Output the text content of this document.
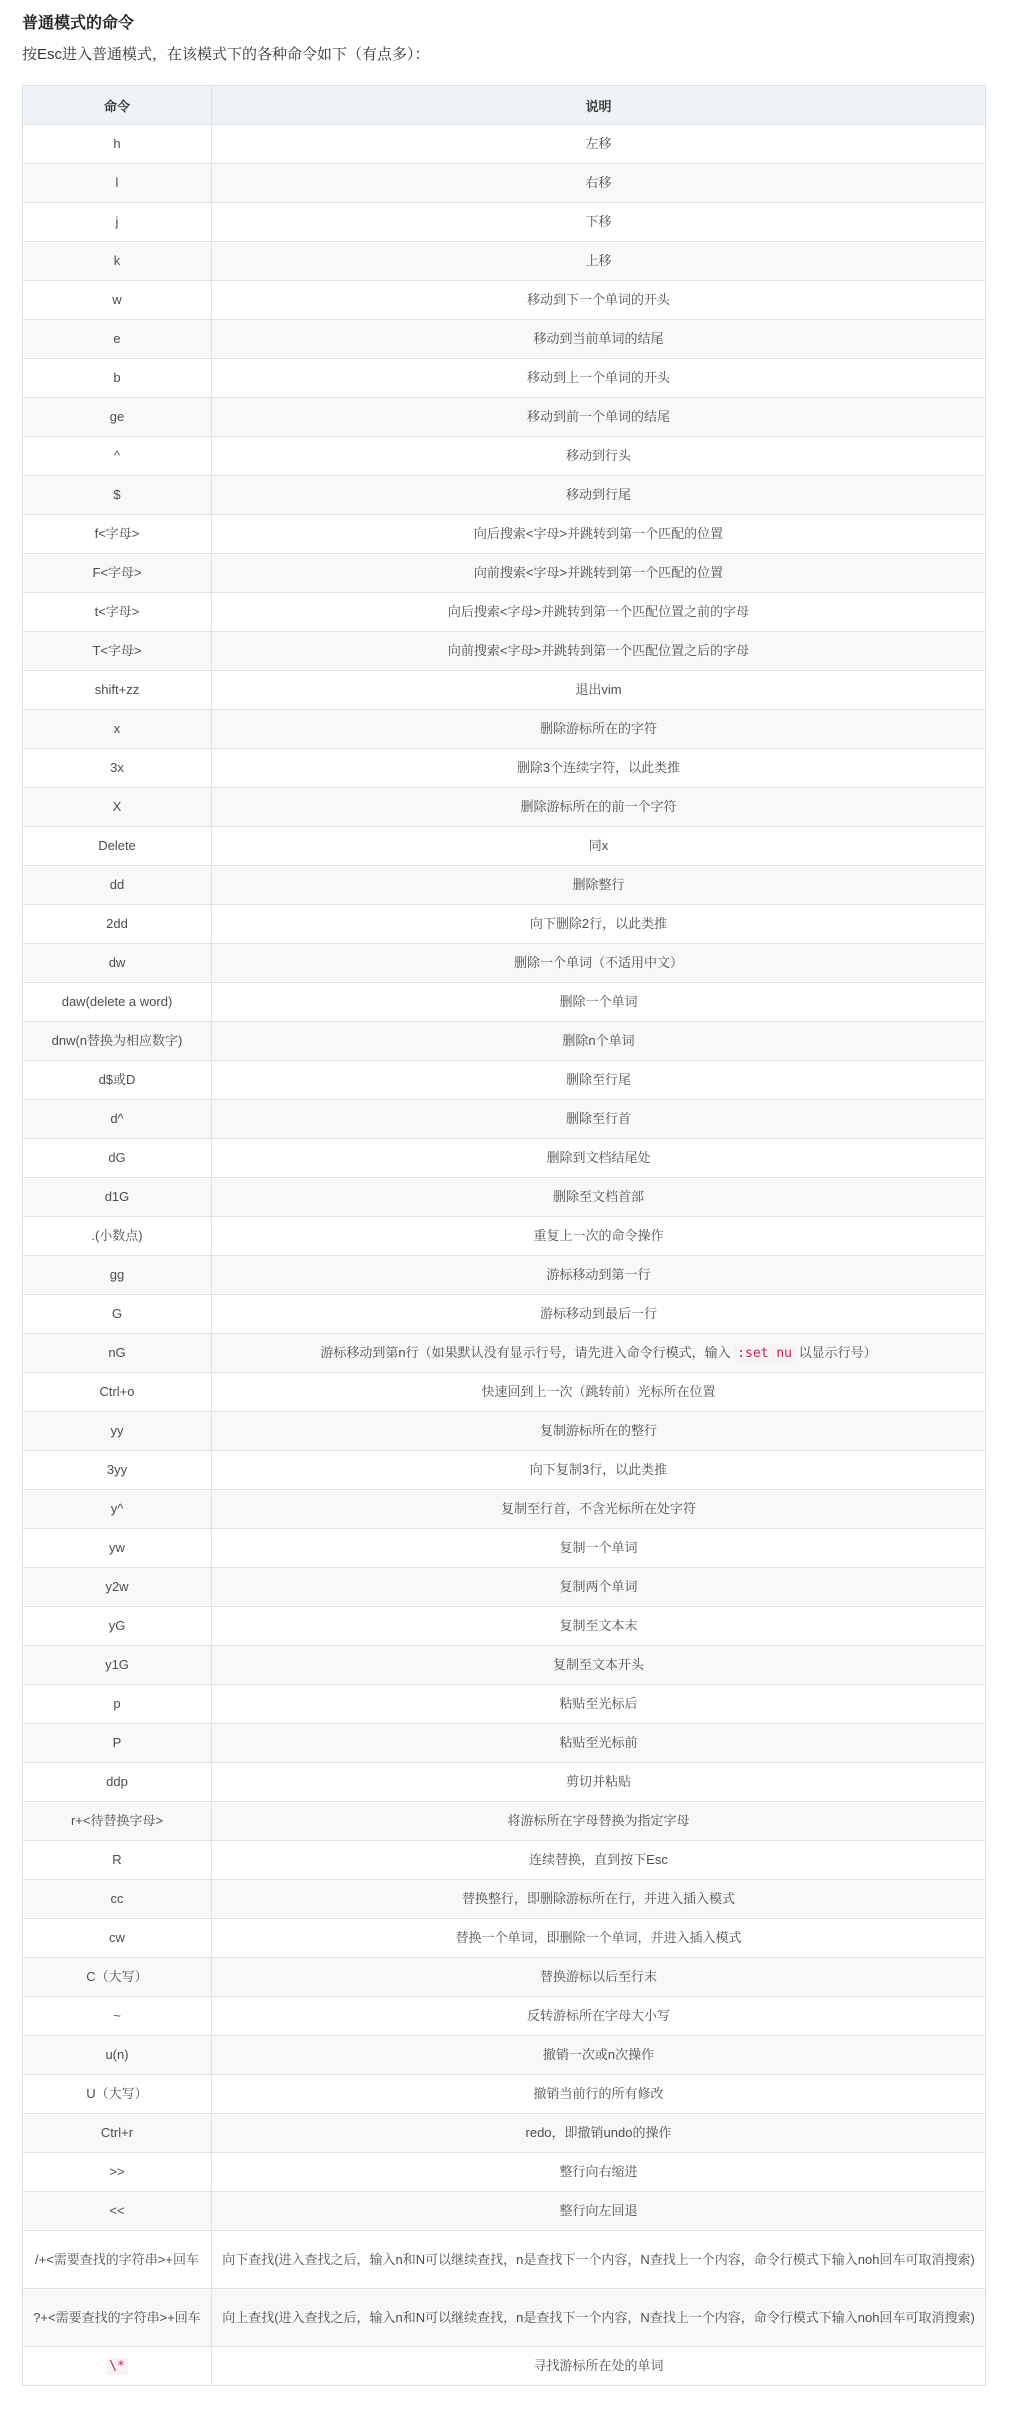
普通模式的命令

按Esc进入普通模式，在该模式下的各种命令如下（有点多）：

命令	说明
h	左移
l	右移
j	下移
k	上移
w	移动到下一个单词的开头
e	移动到当前单词的结尾
b	移动到上一个单词的开头
ge	移动到前一个单词的结尾
^	移动到行头
$	移动到行尾
f<字母>	向后搜索<字母>并跳转到第一个匹配的位置
F<字母>	向前搜索<字母>并跳转到第一个匹配的位置
t<字母>	向后搜索<字母>并跳转到第一个匹配位置之前的字母
T<字母>	向前搜索<字母>并跳转到第一个匹配位置之后的字母
shift+zz	退出vim
x	删除游标所在的字符
3x	删除3个连续字符，以此类推
X	删除游标所在的前一个字符
Delete	同x
dd	删除整行
2dd	向下删除2行，以此类推
dw	删除一个单词（不适用中文）
daw(delete a word)	删除一个单词
dnw(n替换为相应数字)	删除n个单词
d$或D	删除至行尾
d^	删除至行首
dG	删除到文档结尾处
d1G	删除至文档首部
.(小数点)	重复上一次的命令操作
gg	游标移动到第一行
G	游标移动到最后一行
nG	游标移动到第n行（如果默认没有显示行号，请先进入命令行模式，输入 :set nu 以显示行号）
Ctrl+o	快速回到上一次（跳转前）光标所在位置
yy	复制游标所在的整行
3yy	向下复制3行，以此类推
y^	复制至行首，不含光标所在处字符
yw	复制一个单词
y2w	复制两个单词
yG	复制至文本末
y1G	复制至文本开头
p	粘贴至光标后
P	粘贴至光标前
ddp	剪切并粘贴
r+<待替换字母>	将游标所在字母替换为指定字母
R	连续替换，直到按下Esc
cc	替换整行，即删除游标所在行，并进入插入模式
cw	替换一个单词，即删除一个单词，并进入插入模式
C（大写）	替换游标以后至行末
~	反转游标所在字母大小写
u(n)	撤销一次或n次操作
U（大写）	撤销当前行的所有修改
Ctrl+r	redo，即撤销undo的操作
>>	整行向右缩进
<<	整行向左回退
/+<需要查找的字符串>+回车	向下查找(进入查找之后，输入n和N可以继续查找，n是查找下一个内容，N查找上一个内容，命令行模式下输入noh回车可取消搜索)
?+<需要查找的字符串>+回车	向上查找(进入查找之后，输入n和N可以继续查找，n是查找下一个内容，N查找上一个内容，命令行模式下输入noh回车可取消搜索)
\*	寻找游标所在处的单词
